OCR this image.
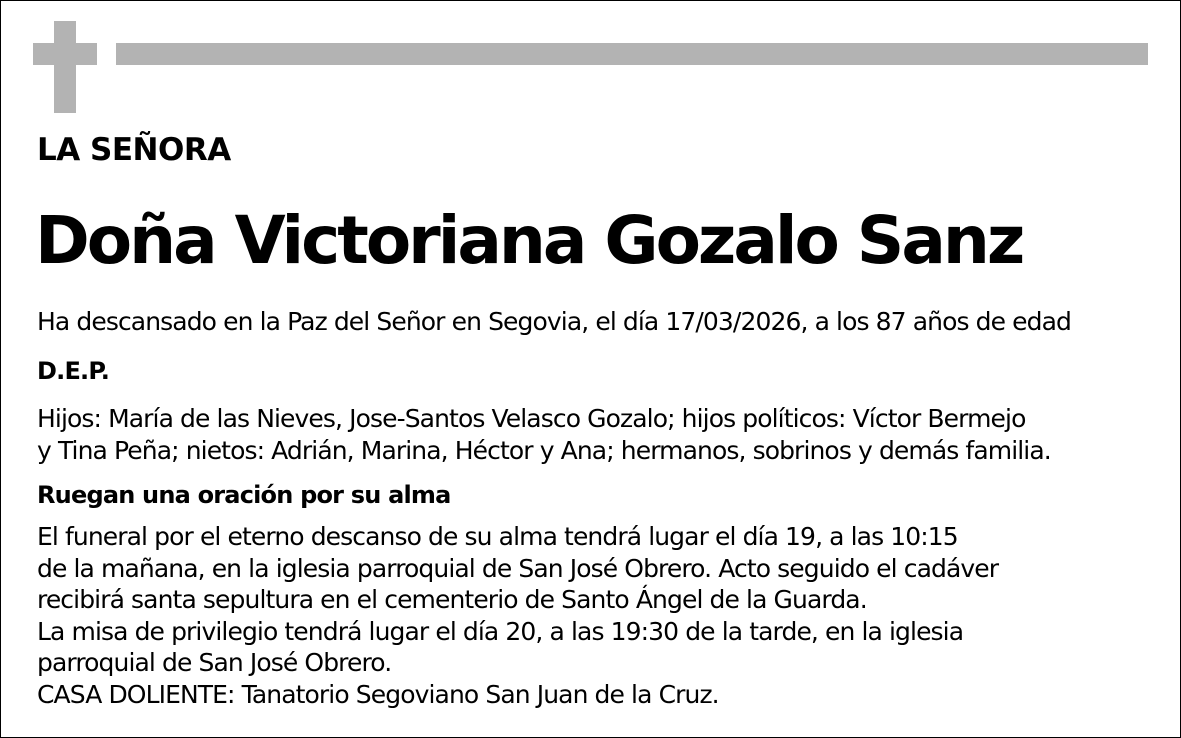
LA SEÑORA
Doña Victoriana Gozalo Sanz
Ha descansado en la Paz del Señor en Segovia, el día 17/03/2026, a los 87 años de edad
D.E.P.
Hijos: María de las Nieves, Jose-Santos Velasco Gozalo; hijos políticos: Víctor Bermejo
y Tina Peña; nietos: Adrián, Marina, Héctor y Ana; hermanos, sobrinos y demás familia.
Ruegan una oración por su alma
El funeral por el eterno descanso de su alma tendrá lugar el día 19, a las 10:15
de la mañana, en la iglesia parroquial de San José Obrero. Acto seguido el cadáver
recibirá santa sepultura en el cementerio de Santo Ángel de la Guarda.
La misa de privilegio tendrá lugar el día 20, a las 19:30 de la tarde, en la iglesia
parroquial de San José Obrero.
CASA DOLIENTE: Tanatorio Segoviano San Juan de la Cruz.
